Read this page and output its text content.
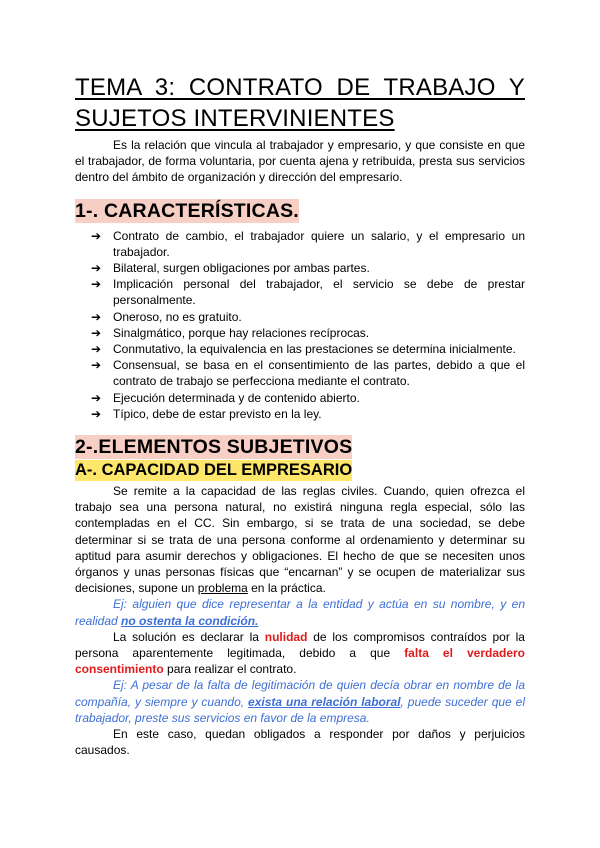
TEMA 3: CONTRATO DE TRABAJO Y
SUJETOS INTERVINIENTES

Es la relación que vincula al trabajador y empresario, y que consiste en que el trabajador, de forma voluntaria, por cuenta ajena y retribuida, presta sus servicios dentro del ámbito de organización y dirección del empresario.

1-. CARACTERÍSTICAS.
➔ Contrato de cambio, el trabajador quiere un salario, y el empresario un trabajador.
➔ Bilateral, surgen obligaciones por ambas partes.
➔ Implicación personal del trabajador, el servicio se debe de prestar personalmente.
➔ Oneroso, no es gratuito.
➔ Sinalgmático, porque hay relaciones recíprocas.
➔ Conmutativo, la equivalencia en las prestaciones se determina inicialmente.
➔ Consensual, se basa en el consentimiento de las partes, debido a que el contrato de trabajo se perfecciona mediante el contrato.
➔ Ejecución determinada y de contenido abierto.
➔ Típico, debe de estar previsto en la ley.
2-.ELEMENTOS SUBJETIVOS
A-. CAPACIDAD DEL EMPRESARIO

Se remite a la capacidad de las reglas civiles. Cuando, quien ofrezca el trabajo sea una persona natural, no existirá ninguna regla especial, sólo las contempladas en el CC. Sin embargo, si se trata de una sociedad, se debe determinar si se trata de una persona conforme al ordenamiento y determinar su aptitud para asumir derechos y obligaciones. El hecho de que se necesiten unos órganos y unas personas físicas que “encarnan” y se ocupen de materializar sus decisiones, supone un problema en la práctica.

Ej: alguien que dice representar a la entidad y actúa en su nombre, y en realidad no ostenta la condición.

La solución es declarar la nulidad de los compromisos contraídos por la persona aparentemente legitimada, debido a que falta el verdadero consentimiento para realizar el contrato.

Ej: A pesar de la falta de legitimación de quien decía obrar en nombre de la compañía, y siempre y cuando, exista una relación laboral, puede suceder que el trabajador, preste sus servicios en favor de la empresa.

En este caso, quedan obligados a responder por daños y perjuicios causados.
